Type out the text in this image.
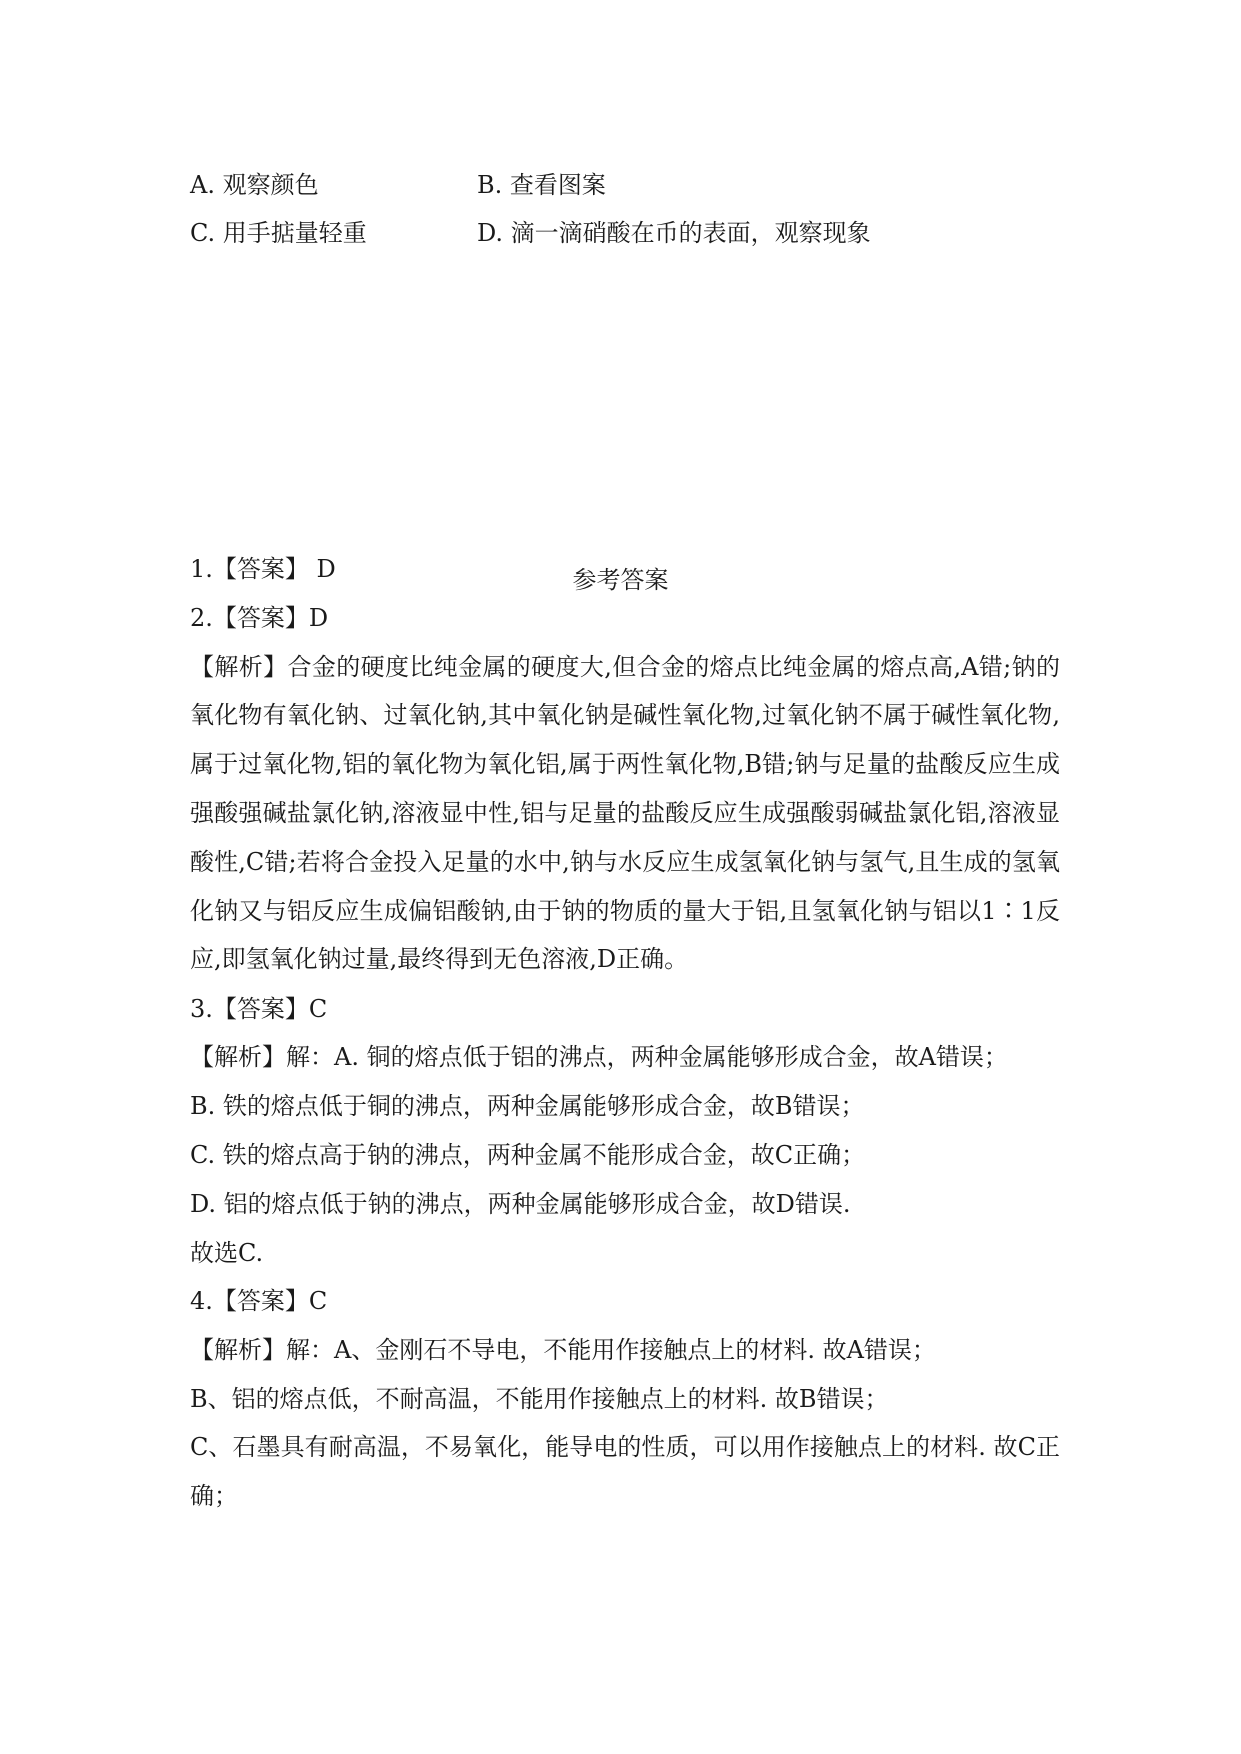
A. 观察颜色	B. 查看图案
C. 用手掂量轻重	D. 滴一滴硝酸在币的表面，观察现象
参考答案
1.【答案】 D
2.【答案】D
【解析】合金的硬度比纯金属的硬度大,但合金的熔点比纯金属的熔点高,A错;钠的氧化物有氧化钠、过氧化钠,其中氧化钠是碱性氧化物,过氧化钠不属于碱性氧化物,属于过氧化物,铝的氧化物为氧化铝,属于两性氧化物,B错;钠与足量的盐酸反应生成强酸强碱盐氯化钠,溶液显中性,铝与足量的盐酸反应生成强酸弱碱盐氯化铝,溶液显酸性,C错;若将合金投入足量的水中,钠与水反应生成氢氧化钠与氢气,且生成的氢氧化钠又与铝反应生成偏铝酸钠,由于钠的物质的量大于铝,且氢氧化钠与铝以1∶1反应,即氢氧化钠过量,最终得到无色溶液,D正确。
3.【答案】C
【解析】解：A. 铜的熔点低于铝的沸点，两种金属能够形成合金，故A错误；
B. 铁的熔点低于铜的沸点，两种金属能够形成合金，故B错误；
C. 铁的熔点高于钠的沸点，两种金属不能形成合金，故C正确；
D. 铝的熔点低于钠的沸点，两种金属能够形成合金，故D错误.
故选C.
4.【答案】C
【解析】解：A、金刚石不导电，不能用作接触点上的材料. 故A错误；
B、铝的熔点低，不耐高温，不能用作接触点上的材料. 故B错误；
C、石墨具有耐高温，不易氧化，能导电的性质，可以用作接触点上的材料. 故C正确；
